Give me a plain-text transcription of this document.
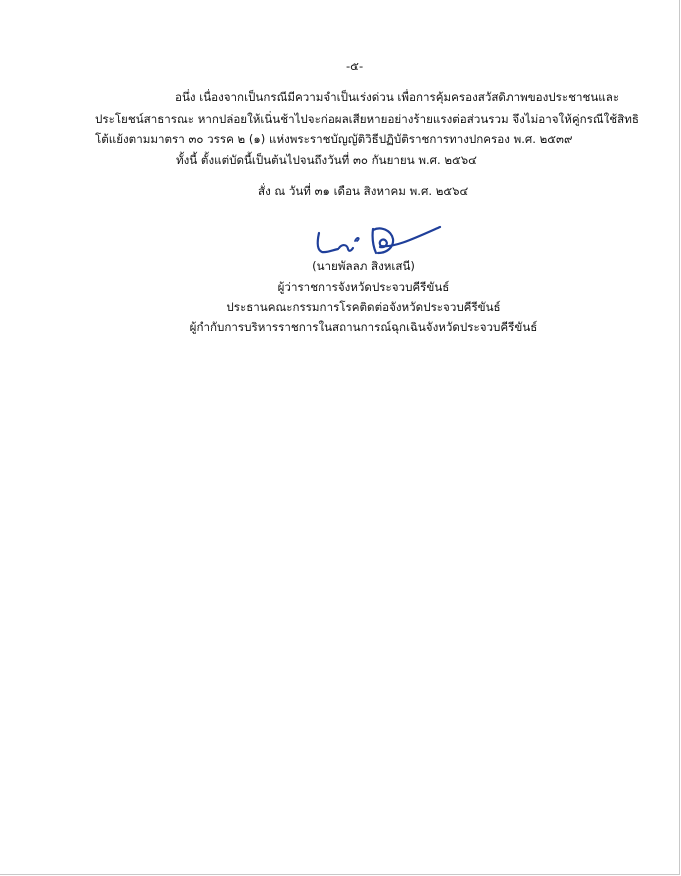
-๕-
อนึ่ง เนื่องจากเป็นกรณีมีความจำเป็นเร่งด่วน เพื่อการคุ้มครองสวัสดิภาพของประชาชนและ
ประโยชน์สาธารณะ หากปล่อยให้เนิ่นช้าไปจะก่อผลเสียหายอย่างร้ายแรงต่อส่วนรวม จึงไม่อาจให้คู่กรณีใช้สิทธิ
โต้แย้งตามมาตรา ๓๐ วรรค ๒ (๑) แห่งพระราชบัญญัติวิธีปฏิบัติราชการทางปกครอง พ.ศ. ๒๕๓๙
ทั้งนี้ ตั้งแต่บัดนี้เป็นต้นไปจนถึงวันที่ ๓๐ กันยายน พ.ศ. ๒๕๖๔
สั่ง ณ วันที่ ๓๑ เดือน สิงหาคม พ.ศ. ๒๕๖๔
(นายพัลลภ สิงหเสนี)
ผู้ว่าราชการจังหวัดประจวบคีรีขันธ์
ประธานคณะกรรมการโรคติดต่อจังหวัดประจวบคีรีขันธ์
ผู้กำกับการบริหารราชการในสถานการณ์ฉุกเฉินจังหวัดประจวบคีรีขันธ์
